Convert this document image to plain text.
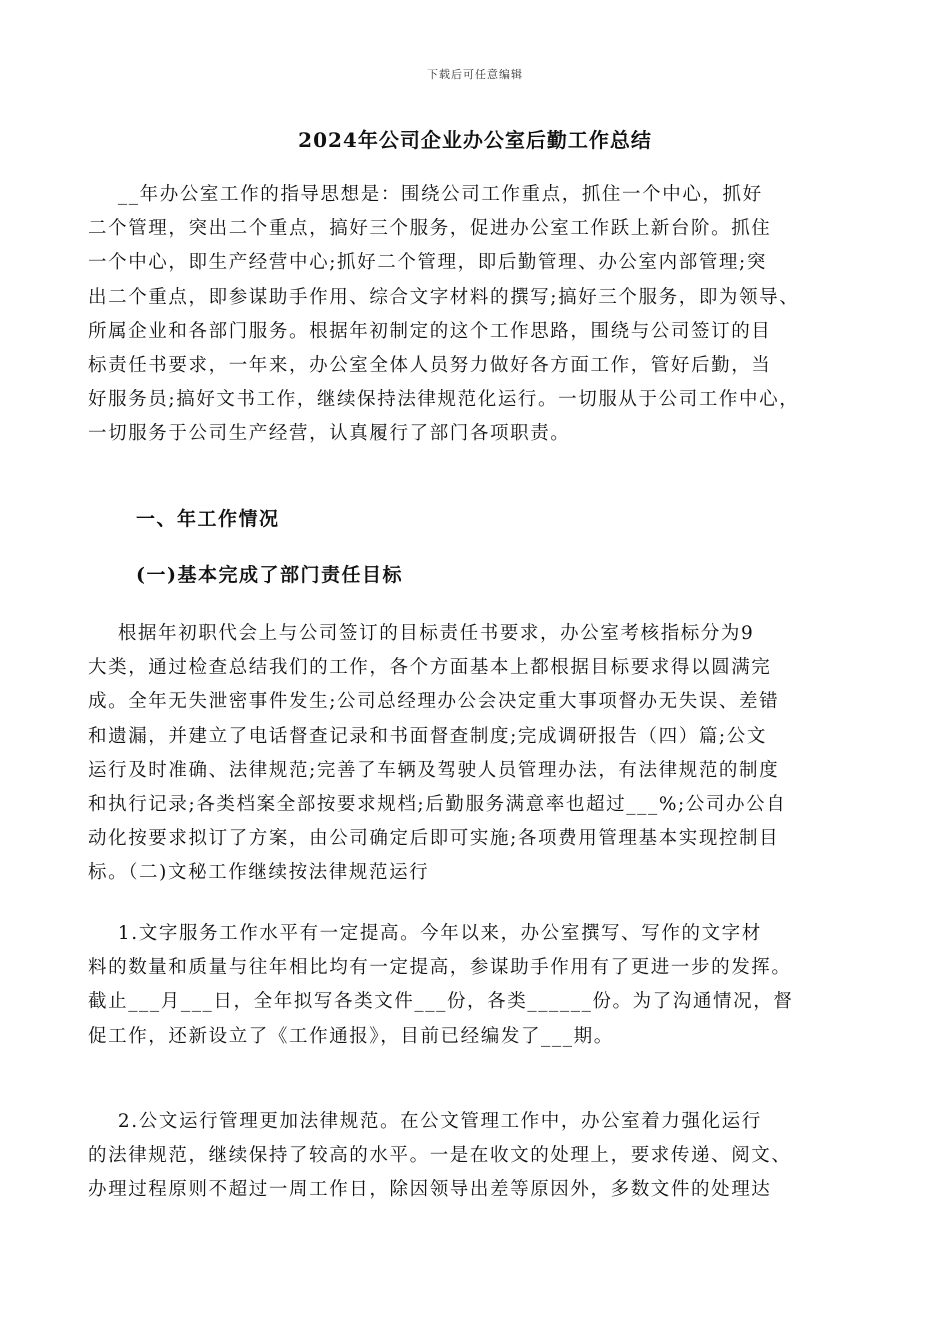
下载后可任意编辑
2024年公司企业办公室后勤工作总结
__年办公室工作的指导思想是：围绕公司工作重点，抓住一个中心，抓好
二个管理，突出二个重点，搞好三个服务，促进办公室工作跃上新台阶。抓住
一个中心，即生产经营中心;抓好二个管理，即后勤管理、办公室内部管理;突
出二个重点，即参谋助手作用、综合文字材料的撰写;搞好三个服务，即为领导、
所属企业和各部门服务。根据年初制定的这个工作思路，围绕与公司签订的目
标责任书要求，一年来，办公室全体人员努力做好各方面工作，管好后勤，当
好服务员;搞好文书工作，继续保持法律规范化运行。一切服从于公司工作中心，
一切服务于公司生产经营，认真履行了部门各项职责。
一、年工作情况
(一)基本完成了部门责任目标
根据年初职代会上与公司签订的目标责任书要求，办公室考核指标分为9
大类，通过检查总结我们的工作，各个方面基本上都根据目标要求得以圆满完
成。全年无失泄密事件发生;公司总经理办公会决定重大事项督办无失误、差错
和遗漏，并建立了电话督查记录和书面督查制度;完成调研报告（四）篇;公文
运行及时准确、法律规范;完善了车辆及驾驶人员管理办法，有法律规范的制度
和执行记录;各类档案全部按要求规档;后勤服务满意率也超过___%;公司办公自
动化按要求拟订了方案，由公司确定后即可实施;各项费用管理基本实现控制目
标。（二)文秘工作继续按法律规范运行
1.文字服务工作水平有一定提高。今年以来，办公室撰写、写作的文字材
料的数量和质量与往年相比均有一定提高，参谋助手作用有了更进一步的发挥。
截止___月___日，全年拟写各类文件___份，各类______份。为了沟通情况，督
促工作，还新设立了《工作通报》，目前已经编发了___期。
2.公文运行管理更加法律规范。在公文管理工作中，办公室着力强化运行
的法律规范，继续保持了较高的水平。一是在收文的处理上，要求传递、阅文、
办理过程原则不超过一周工作日，除因领导出差等原因外，多数文件的处理达
